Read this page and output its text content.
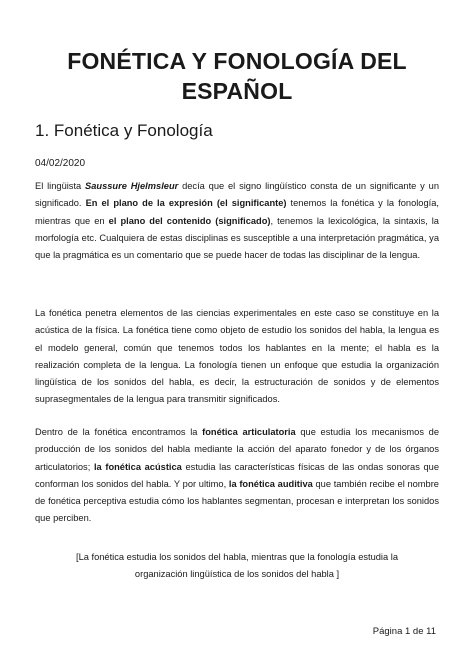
FONÉTICA Y FONOLOGÍA DEL ESPAÑOL
1. Fonética y Fonología
04/02/2020

El lingüista Saussure Hjelmsleur decía que el signo lingüístico consta de un significante y un significado. En el plano de la expresión (el significante) tenemos la fonética y la fonología, mientras que en el plano del contenido (significado), tenemos la lexicológica, la sintaxis, la morfología etc. Cualquiera de estas disciplinas es susceptible a una interpretación pragmática, ya que la pragmática es un comentario que se puede hacer de todas las disciplinar de la lengua.

La fonética penetra elementos de las ciencias experimentales en este caso se constituye en la acústica de la física. La fonética tiene como objeto de estudio los sonidos del habla, la lengua es el modelo general, común que tenemos todos los hablantes en la mente; el habla es la realización completa de la lengua. La fonología tienen un enfoque que estudia la organización lingüística de los sonidos del habla, es decir, la estructuración de sonidos y de elementos suprasegmentales de la lengua para transmitir significados.

Dentro de la fonética encontramos la fonética articulatoria que estudia los mecanismos de producción de los sonidos del habla mediante la acción del aparato fonedor y de los órganos articulatorios; la fonética acústica estudia las características físicas de las ondas sonoras que conforman los sonidos del habla. Y por ultimo, la fonética auditiva que también recibe el nombre de fonética perceptiva estudia cómo los hablantes segmentan, procesan e interpretan los sonidos que perciben.

[La fonética estudia los sonidos del habla, mientras que la fonología estudia la
organización lingüística de los sonidos del habla ]

Página 1 de 11
